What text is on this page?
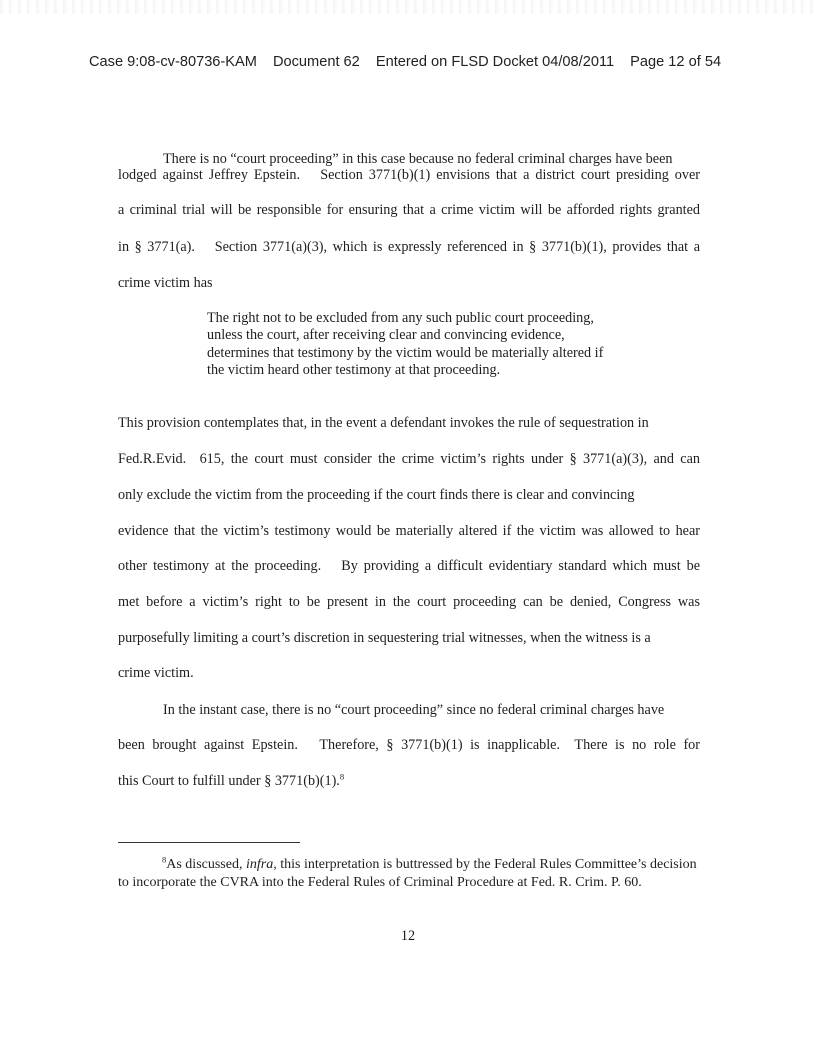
Case 9:08-cv-80736-KAM Document 62 Entered on FLSD Docket 04/08/2011 Page 12 of 54
There is no “court proceeding” in this case because no federal criminal charges have been
lodged against Jeffrey Epstein.  Section 3771(b)(1) envisions that a district court presiding over
a criminal trial will be responsible for ensuring that a crime victim will be afforded rights granted
in § 3771(a).  Section 3771(a)(3), which is expressly referenced in § 3771(b)(1), provides that a
crime victim has
The right not to be excluded from any such public court proceeding, unless the court, after receiving clear and convincing evidence, determines that testimony by the victim would be materially altered if the victim heard other testimony at that proceeding.
This provision contemplates that, in the event a defendant invokes the rule of sequestration in
Fed.R.Evid.  615, the court must consider the crime victim’s rights under § 3771(a)(3), and can
only exclude the victim from the proceeding if the court finds there is clear and convincing
evidence that the victim’s testimony would be materially altered if the victim was allowed to hear
other testimony at the proceeding.  By providing a difficult evidentiary standard which must be
met before a victim’s right to be present in the court proceeding can be denied, Congress was
purposefully limiting a court’s discretion in sequestering trial witnesses, when the witness is a
crime victim.
In the instant case, there is no “court proceeding” since no federal criminal charges have
been brought against Epstein.  Therefore, § 3771(b)(1) is inapplicable.  There is no role for
this Court to fulfill under § 3771(b)(1).$^8$
$^8$As discussed, infra, this interpretation is buttressed by the Federal Rules Committee’s decision to incorporate the CVRA into the Federal Rules of Criminal Procedure at Fed. R. Crim. P. 60.
12
